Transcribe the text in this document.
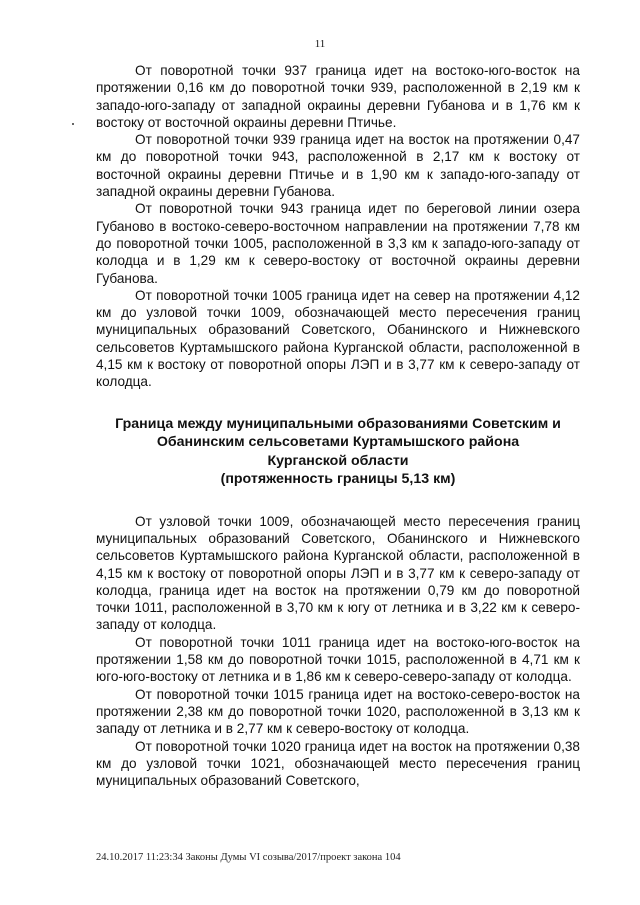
11

От поворотной точки 937 граница идет на востоко-юго-восток на протяжении 0,16 км до поворотной точки 939, расположенной в 2,19 км к западо-юго-западу от западной окраины деревни Губанова и в 1,76 км к востоку от восточной окраины деревни Птичье.

От поворотной точки 939 граница идет на восток на протяжении 0,47 км до поворотной точки 943, расположенной в 2,17 км к востоку от восточной окраины деревни Птичье и в 1,90 км к западо-юго-западу от западной окраины деревни Губанова.

От поворотной точки 943 граница идет по береговой линии озера Губаново в востоко-северо-восточном направлении на протяжении 7,78 км до поворотной точки 1005, расположенной в 3,3 км к западо-юго-западу от колодца и в 1,29 км к северо-востоку от восточной окраины деревни Губанова.

От поворотной точки 1005 граница идет на север на протяжении 4,12 км до узловой точки 1009, обозначающей место пересечения границ муниципальных образований Советского, Обанинского и Нижневского сельсоветов Куртамышского района Курганской области, расположенной в 4,15 км к востоку от поворотной опоры ЛЭП и в 3,77 км к северо-западу от колодца.

Граница между муниципальными образованиями Советским и
Обанинским сельсоветами Куртамышского района
Курганской области
(протяженность границы 5,13 км)

От узловой точки 1009, обозначающей место пересечения границ муниципальных образований Советского, Обанинского и Нижневского сельсоветов Куртамышского района Курганской области, расположенной в 4,15 км к востоку от поворотной опоры ЛЭП и в 3,77 км к северо-западу от колодца, граница идет на восток на протяжении 0,79 км до поворотной точки 1011, расположенной в 3,70 км к югу от летника и в 3,22 км к северо-западу от колодца.

От поворотной точки 1011 граница идет на востоко-юго-восток на протяжении 1,58 км до поворотной точки 1015, расположенной в 4,71 км к юго-юго-востоку от летника и в 1,86 км к северо-северо-западу от колодца.

От поворотной точки 1015 граница идет на востоко-северо-восток на протяжении 2,38 км до поворотной точки 1020, расположенной в 3,13 км к западу от летника и в 2,77 км к северо-востоку от колодца.

От поворотной точки 1020 граница идет на восток на протяжении 0,38 км до узловой точки 1021, обозначающей место пересечения границ муниципальных образований Советского,

24.10.2017 11:23:34 Законы Думы VI созыва/2017/проект закона 104
